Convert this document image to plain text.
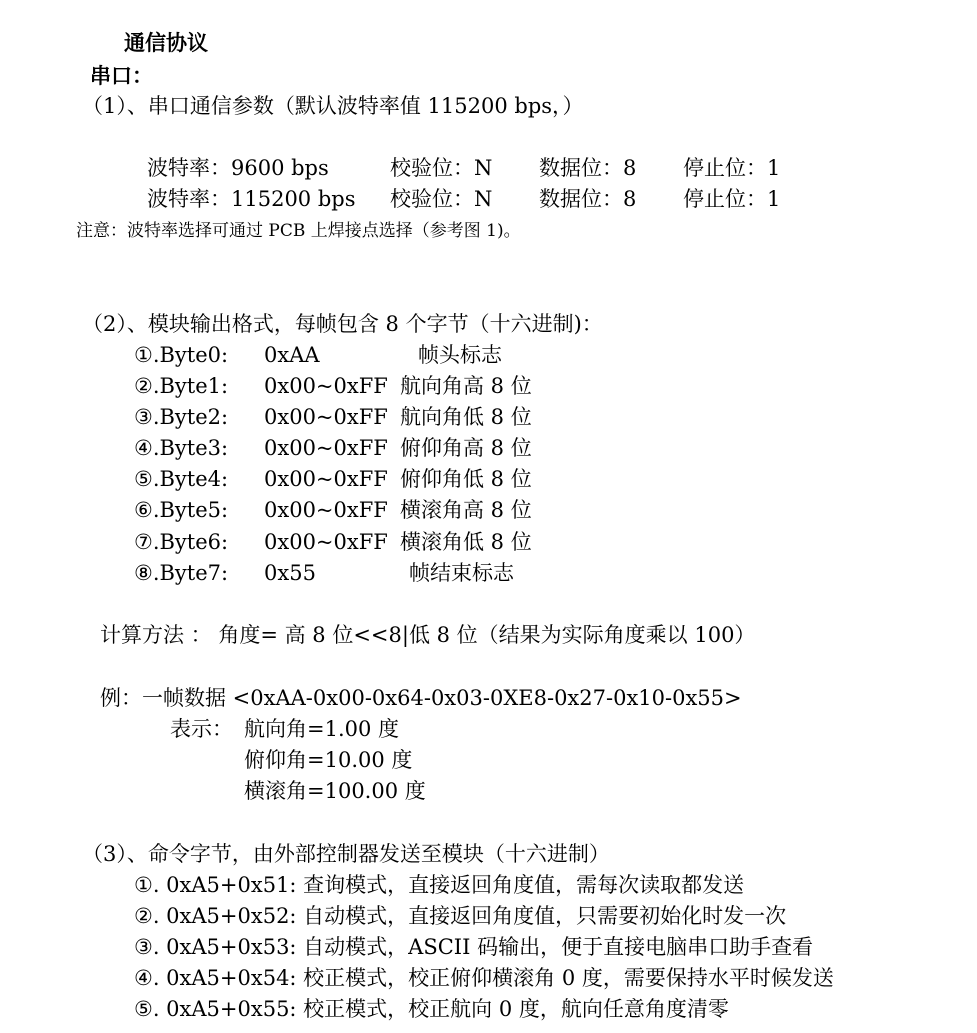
通信协议
串口：
（1）、串口通信参数（默认波特率值 115200 bps，）
波特率：9600 bps	校验位：N 数据位：8 停止位：1
波特率：115200 bps 校验位：N 数据位：8 停止位：1
注意：波特率选择可通过 PCB 上焊接点选择（参考图 1)。
（2）、模块输出格式，每帧包含 8 个字节（十六进制)：
①.Byte0: 0xAA	帧头标志
②.Byte1: 0x00~0xFF 航向角高 8 位
③.Byte2: 0x00~0xFF 航向角低 8 位
④.Byte3: 0x00~0xFF 俯仰角高 8 位
⑤.Byte4: 0x00~0xFF 俯仰角低 8 位
⑥.Byte5: 0x00~0xFF 横滚角高 8 位
⑦.Byte6: 0x00~0xFF 横滚角低 8 位
⑧.Byte7: 0x55	帧结束标志
计算方法 ： 角度= 高 8 位<<8|低 8 位（结果为实际角度乘以 100）
例：一帧数据 <0xAA-0x00-0x64-0x03-0XE8-0x27-0x10-0x55>
表示： 航向角=1.00 度
俯仰角=10.00 度
横滚角=100.00 度
（3）、命令字节，由外部控制器发送至模块（十六进制）
①. 0xA5+0x51: 查询模式，直接返回角度值，需每次读取都发送
②. 0xA5+0x52: 自动模式，直接返回角度值，只需要初始化时发一次
③. 0xA5+0x53: 自动模式，ASCII 码输出，便于直接电脑串口助手查看
④. 0xA5+0x54: 校正模式，校正俯仰横滚角 0 度，需要保持水平时候发送
⑤. 0xA5+0x55: 校正模式，校正航向 0 度，航向任意角度清零
